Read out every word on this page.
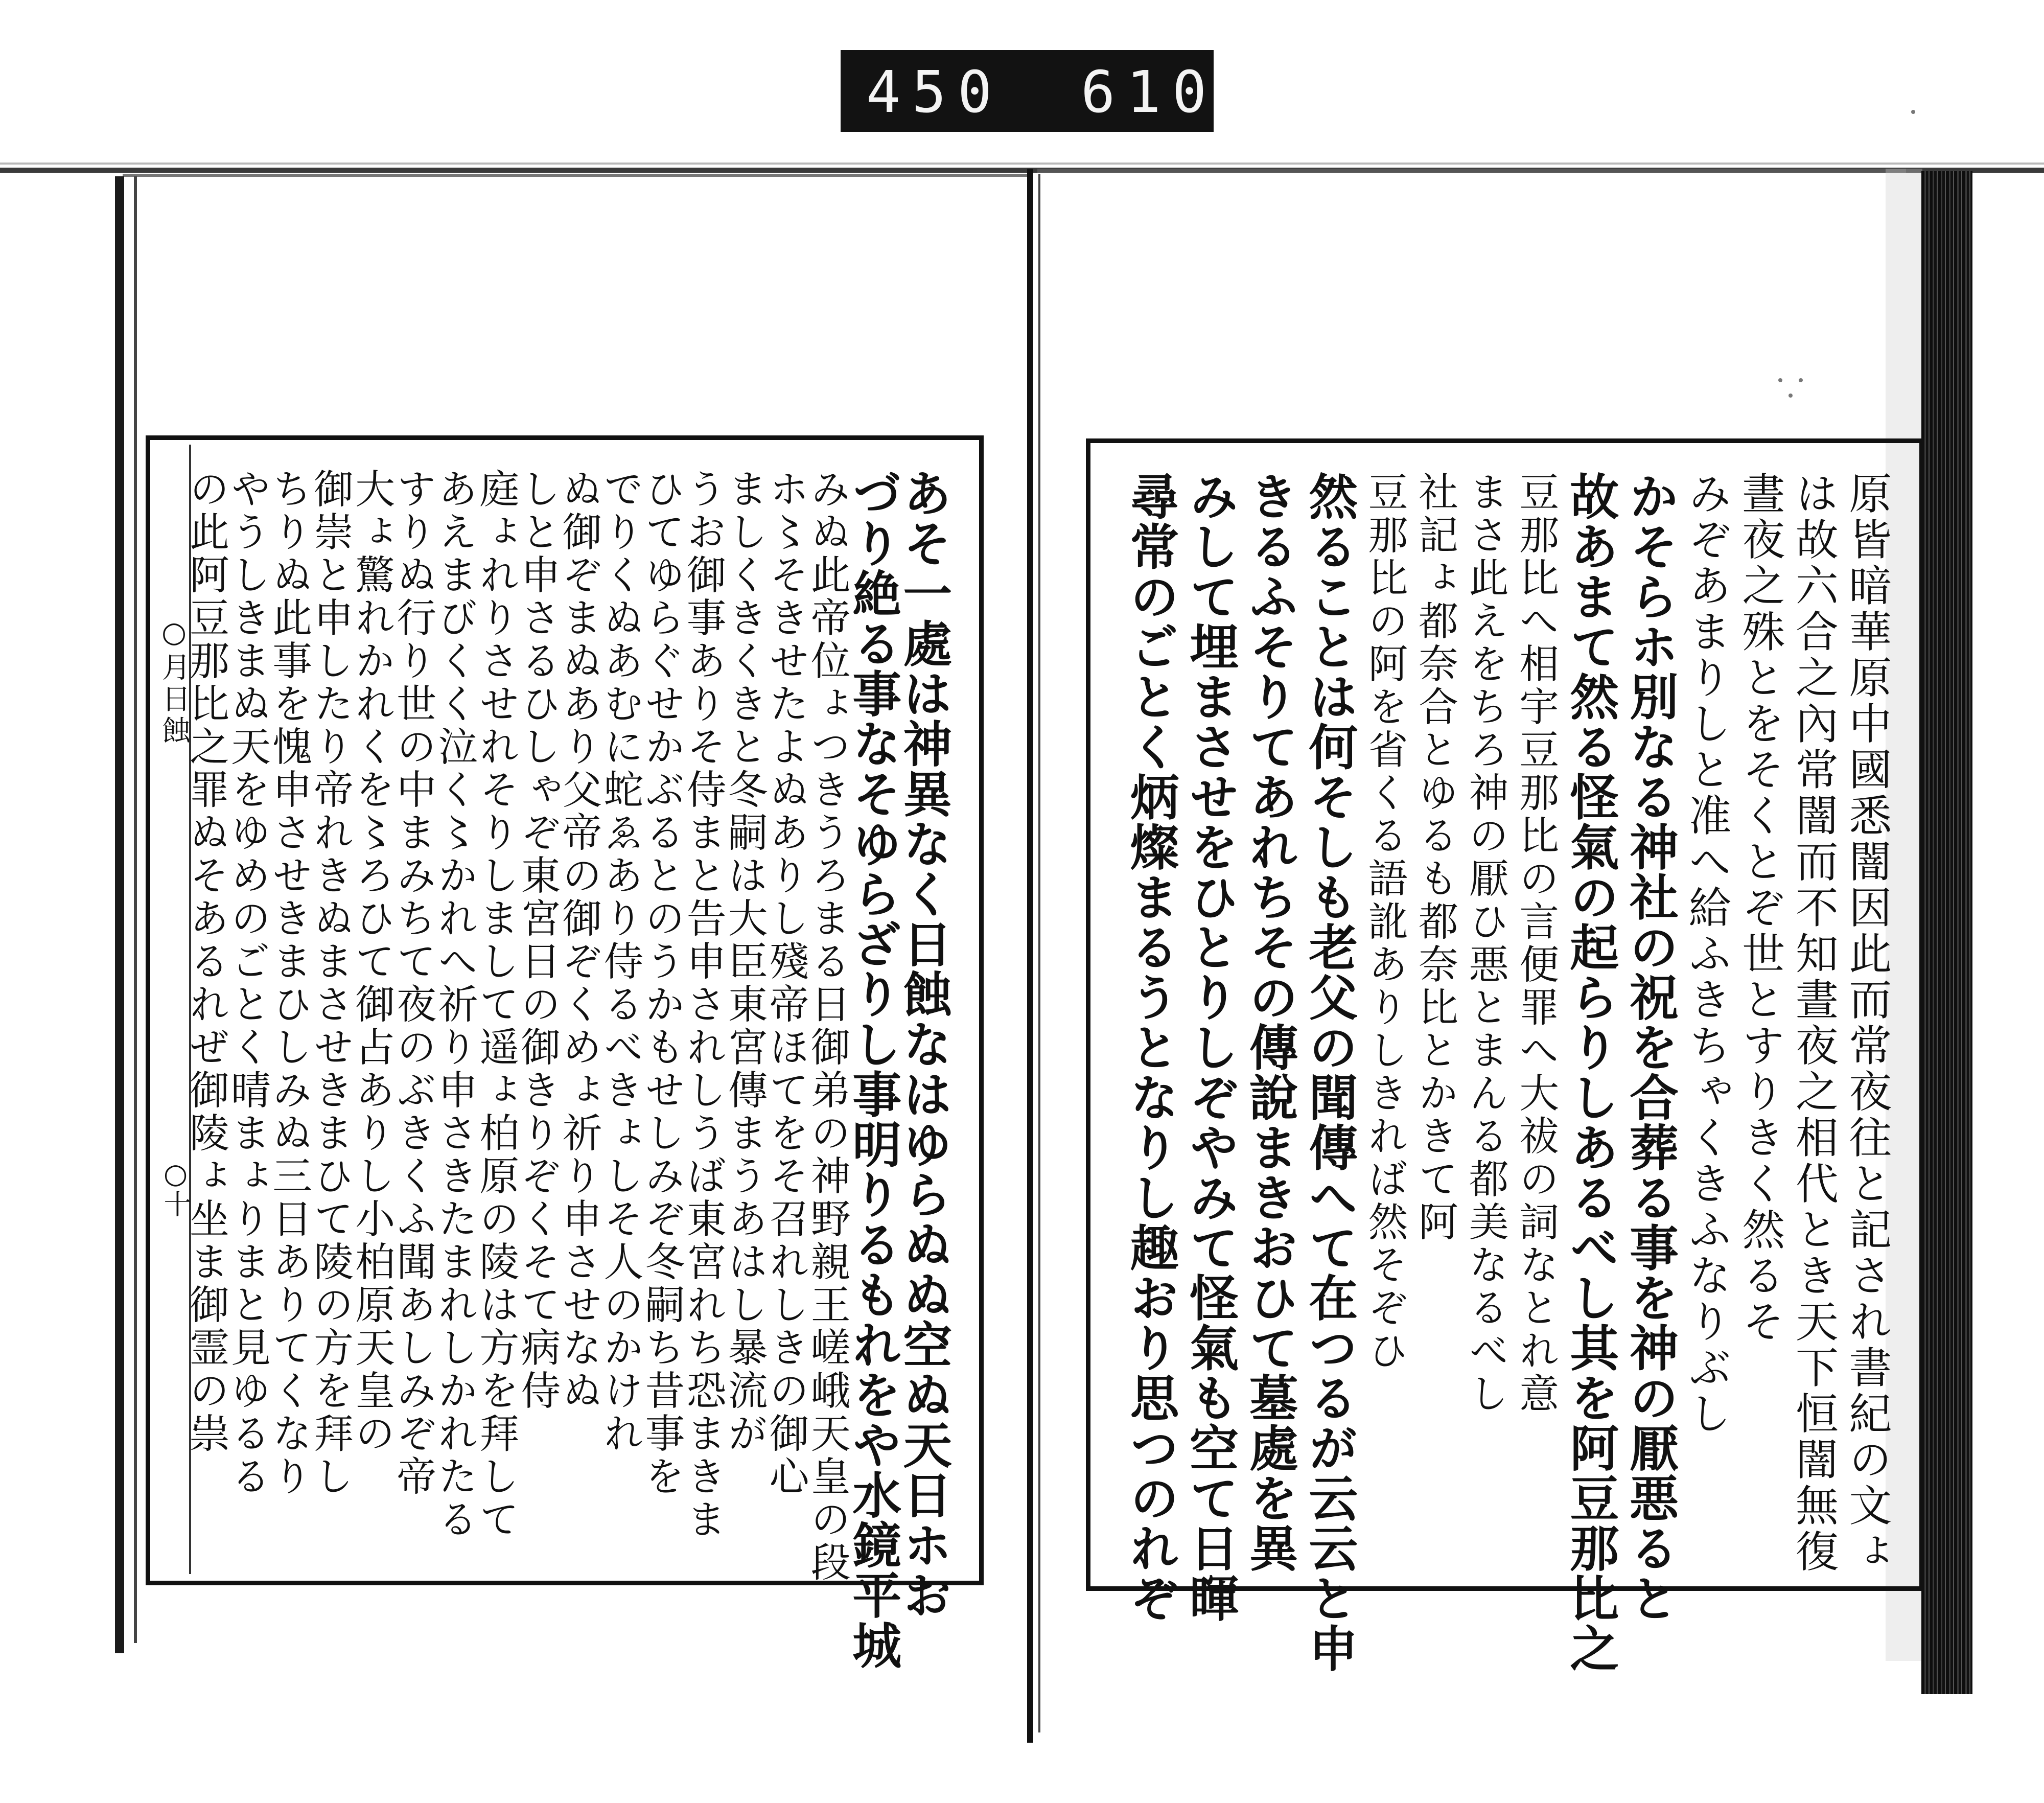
450 610
○月日蝕
○十	あそ一處は神異なく日蝕なはゆらぬぬ空ぬ天日ホお
づり絶る事なそゆらざりし事明りるもれをや水鏡平城
みぬ此帝位ょつきうろまる日御弟の神野親王嵯峨天皇の段
ホ〻そきせたよぬありし殘帝ほてをそ召れしきの御心
ましくきくきと冬嗣は大臣東宮傳まうあはし暴流が
うお御事ありそ侍まと告申されしうば東宮れち恐まきま
ひてゆらぐせかぶるとのうかもせしみぞ冬嗣ち昔事を
でりくぬあむに蛇ゑあり侍るべきょしそ人のかけれ
ぬ御ぞまぬあり父帝の御ぞくめょ祈り申させなぬ
しと申さるひしゃぞ東宮日の御きりぞくそて病侍
庭ょれりさせれそりしまして遥ょ柏原の陵は方を拜して
あえまびくく泣く〻かれへ祈り申さきたまれしかれたる
すりぬ行り世の中まみちて夜のぶきくふ聞あしみぞ帝
大ょ驚れかれくを〻ろひて御占ありし小柏原天皇の
御崇と申したり帝れきぬまさせきまひて陵の方を拜し
ちりぬ此事を愧申させきまひしみぬ三日ありてくなり
やうしきまぬ天をゆめのごとく晴まょりまと見ゆるる
の此阿豆那比之罪ぬそあるれぜ御陵ょ坐ま御霊の祟	原皆暗華原中國悉闇因此而常夜往と記され書紀の文ょ
は故六合之內常闇而不知晝夜之相代とき天下恒闇無復
晝夜之殊とをそくとぞ世とすりきく然るそ
みぞあまりしと准へ給ふきちゃくきふなりぶし
かそらホ別なる神社の祝を合葬る事を神の厭悪ると
故あまて然る怪氣の起らりしあるべし其を阿豆那比之
豆那比へ相宇豆那比の言便罪へ大祓の詞なとれ意
まさ此えをちろ神の厭ひ悪とまんる都美なるべし
社記ょ都奈合とゆるも都奈比とかきて阿
豆那比の阿を省くる語訛ありしきれば然そぞひ
然ることは何そしも老父の聞傳へて在つるが云云と申
きるふそりてあれちその傳說まきおひて墓處を異
みして埋まさせをひとりしぞやみて怪氣も空て日暉
尋常のごとく炳燦まるうとなりし趣おり思つのれぞ
